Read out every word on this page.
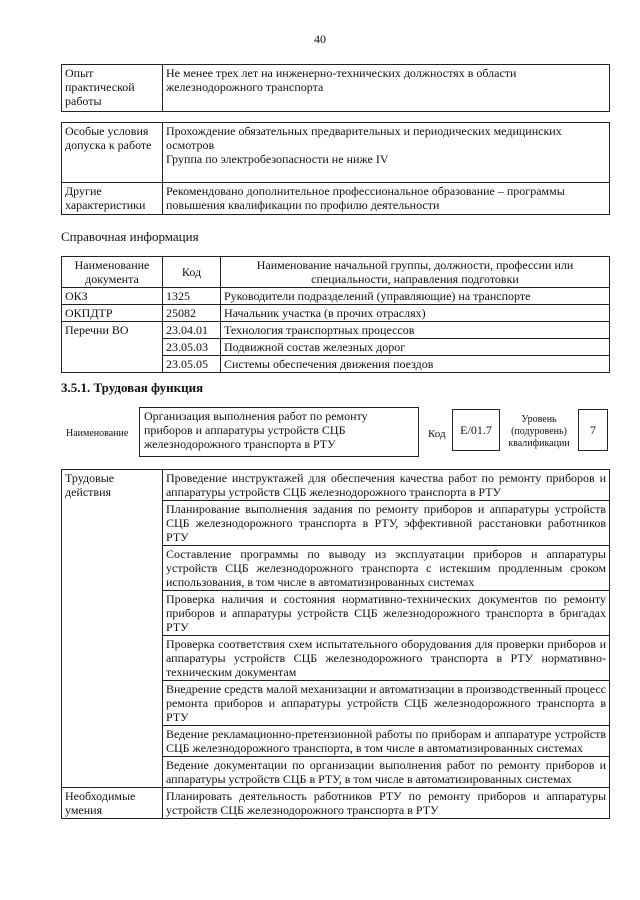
40
Опыт практической работы	Не менее трех лет на инженерно-технических должностях в области железнодорожного транспорта
Особые условия допуска к работе	Прохождение обязательных предварительных и периодических медицинских осмотров
Группа по электробезопасности не ниже IV

Другие характеристики	Рекомендовано дополнительное профессиональное образование – программы повышения квалификации по профилю деятельности
Справочная информация
Наименование документа	Код	Наименование начальной группы, должности, профессии или специальности, направления подготовки
ОКЗ	1325	Руководители подразделений (управляющие) на транспорте
ОКПДТР	25082	Начальник участка (в прочих отраслях)
Перечни ВО	23.04.01	Технология транспортных процессов
	23.05.03	Подвижной состав железных дорог
	23.05.05	Системы обеспечения движения поездов
3.5.1. Трудовая функция
Наименование
Организация выполнения работ по ремонту приборов и аппаратуры устройств СЦБ железнодорожного транспорта в РТУ
Код	E/01.7
Уровень (подуровень) квалификации
7
Трудовые действия	Проведение инструктажей для обеспечения качества работ по ремонту приборов и аппаратуры устройств СЦБ железнодорожного транспорта в РТУ
	Планирование выполнения задания по ремонту приборов и аппаратуры устройств СЦБ железнодорожного транспорта в РТУ, эффективной расстановки работников РТУ
	Составление программы по выводу из эксплуатации приборов и аппаратуры устройств СЦБ железнодорожного транспорта с истекшим продленным сроком использования, в том числе в автоматизированных системах
	Проверка наличия и состояния нормативно-технических документов по ремонту приборов и аппаратуры устройств СЦБ железнодорожного транспорта в бригадах РТУ
	Проверка соответствия схем испытательного оборудования для проверки приборов и аппаратуры устройств СЦБ железнодорожного транспорта в РТУ нормативно-техническим документам
	Внедрение средств малой механизации и автоматизации в производственный процесс ремонта приборов и аппаратуры устройств СЦБ железнодорожного транспорта в РТУ
	Ведение рекламационно-претензионной работы по приборам и аппаратуре устройств СЦБ железнодорожного транспорта, в том числе в автоматизированных системах
	Ведение документации по организации выполнения работ по ремонту приборов и аппаратуры устройств СЦБ в РТУ, в том числе в автоматизированных системах
Необходимые умения	Планировать деятельность работников РТУ по ремонту приборов и аппаратуры устройств СЦБ железнодорожного транспорта в РТУ
